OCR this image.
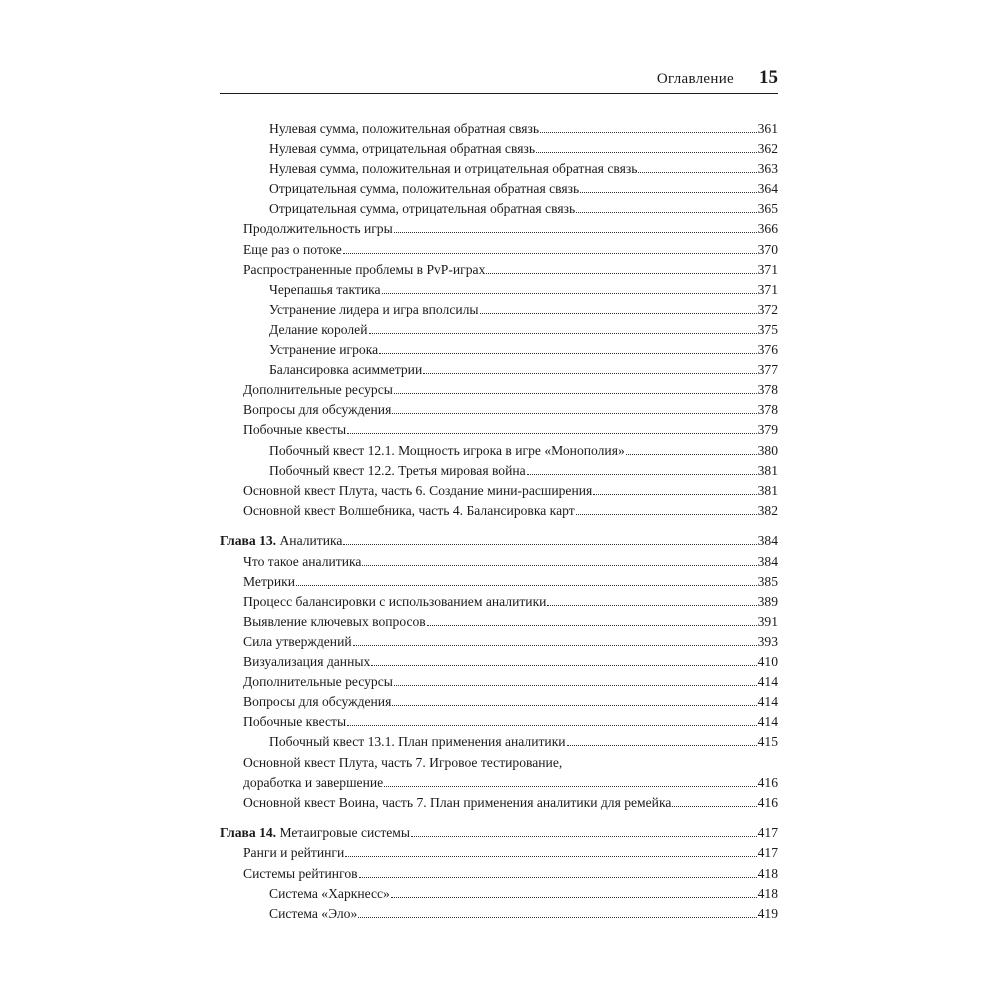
Оглавление 15
Нулевая сумма, положительная обратная связь	361
Нулевая сумма, отрицательная обратная связь	362
Нулевая сумма, положительная и отрицательная обратная связь	363
Отрицательная сумма, положительная обратная связь	364
Отрицательная сумма, отрицательная обратная связь	365
Продолжительность игры	366
Еще раз о потоке	370
Распространенные проблемы в PvP-играх	371
Черепашья тактика	371
Устранение лидера и игра вполсилы	372
Делание королей	375
Устранение игрока	376
Балансировка асимметрии	377
Дополнительные ресурсы	378
Вопросы для обсуждения	378
Побочные квесты	379
Побочный квест 12.1. Мощность игрока в игре «Монополия»	380
Побочный квест 12.2. Третья мировая война	381
Основной квест Плута, часть 6. Создание мини-расширения	381
Основной квест Волшебника, часть 4. Балансировка карт	382
Глава 13. Аналитика	384
Что такое аналитика	384
Метрики	385
Процесс балансировки с использованием аналитики	389
Выявление ключевых вопросов	391
Сила утверждений	393
Визуализация данных	410
Дополнительные ресурсы	414
Вопросы для обсуждения	414
Побочные квесты	414
Побочный квест 13.1. План применения аналитики	415
Основной квест Плута, часть 7. Игровое тестирование,
доработка и завершение	416
Основной квест Воина, часть 7. План применения аналитики для ремейка	416
Глава 14. Метаигровые системы	417
Ранги и рейтинги	417
Системы рейтингов	418
Система «Харкнесс»	418
Система «Эло»	419
